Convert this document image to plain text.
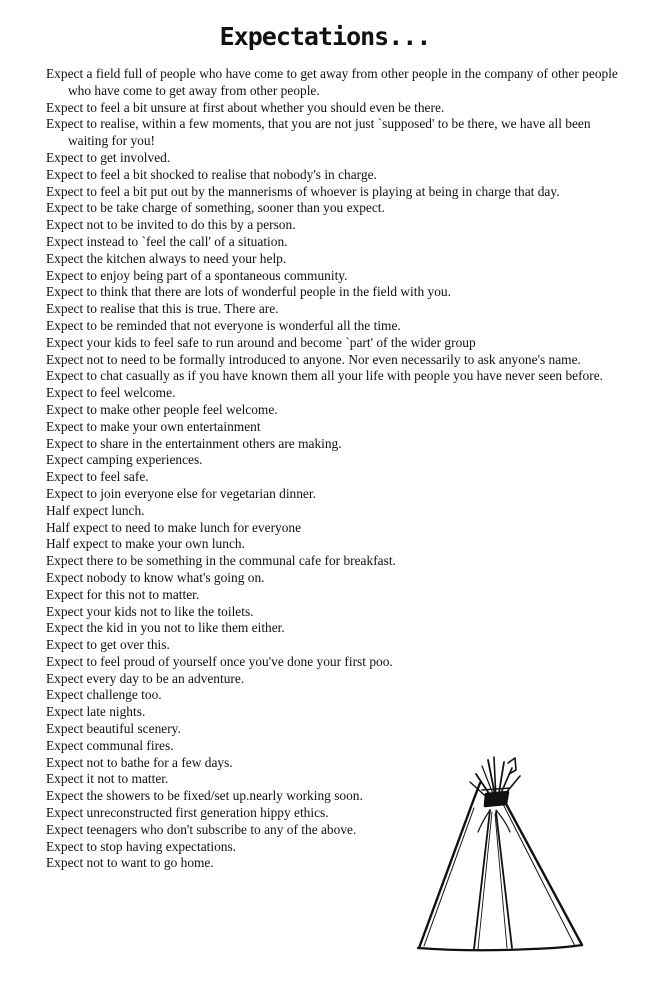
Expectations...
Expect a field full of people who have come to get away from other people in the company of other people who have come to get away from other people.
Expect to feel a bit unsure at first about whether you should even be there.
Expect to realise, within a few moments, that you are not just `supposed' to be there, we have all been waiting for you!
Expect to get involved.
Expect to feel a bit shocked to realise that nobody's in charge.
Expect to feel a bit put out by the mannerisms of whoever is playing at being in charge that day.
Expect to be take charge of something, sooner than you expect.
Expect not to be invited to do this by a person.
Expect instead to `feel the call' of a situation.
Expect the kitchen always to need your help.
Expect to enjoy being part of a spontaneous community.
Expect to think that there are lots of wonderful people in the field with you.
Expect to realise that this is true. There are.
Expect to be reminded that not everyone is wonderful all the time.
Expect your kids to feel safe to run around and become `part' of the wider group
Expect not to need to be formally introduced to anyone. Nor even necessarily to ask anyone's name.
Expect to chat casually as if you have known them all your life with people you have never seen before.
Expect to feel welcome.
Expect to make other people feel welcome.
Expect to make your own entertainment
Expect to share in the entertainment others are making.
Expect camping experiences.
Expect to feel safe.
Expect to join everyone else for vegetarian dinner.
Half expect lunch.
Half expect to need to make lunch for everyone
Half expect to make your own lunch.
Expect there to be something in the communal cafe for breakfast.
Expect nobody to know what's going on.
Expect for this not to matter.
Expect your kids not to like the toilets.
Expect the kid in you not to like them either.
Expect to get over this.
Expect to feel proud of yourself once you've done your first poo.
Expect every day to be an adventure.
Expect challenge too.
Expect late nights.
Expect beautiful scenery.
Expect communal fires.
Expect not to bathe for a few days.
Expect it not to matter.
Expect the showers to be fixed/set up.nearly working soon.
Expect unreconstructed first generation hippy ethics.
Expect teenagers who don't subscribe to any of the above.
Expect to stop having expectations.
Expect not to want to go home.
